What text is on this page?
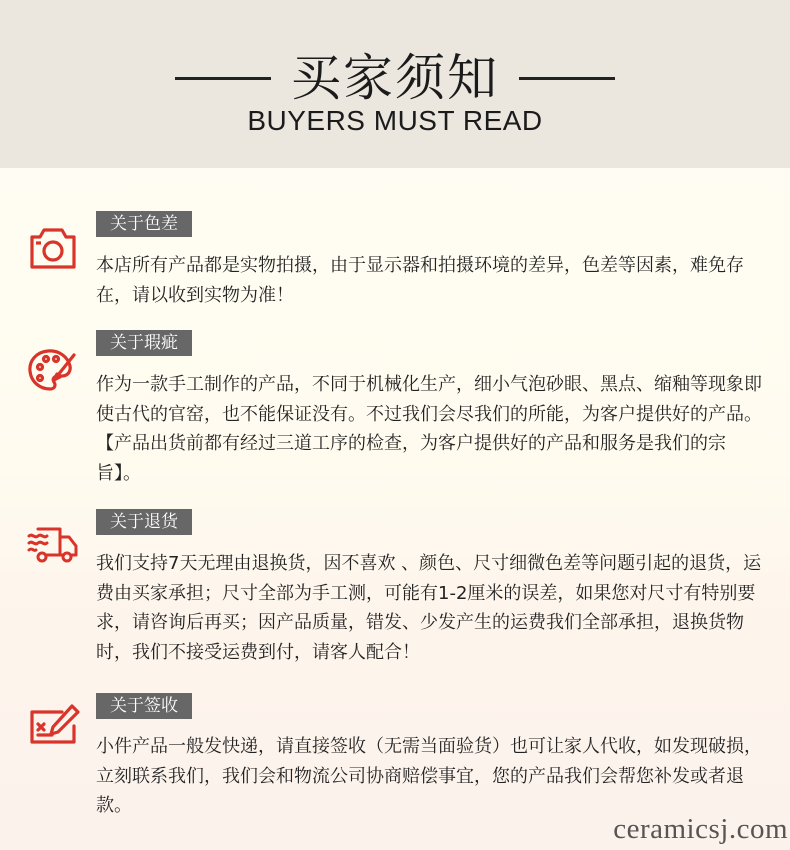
买家须知
BUYERS MUST READ
关于色差

本店所有产品都是实物拍摄，由于显示器和拍摄环境的差异，色差等因素，难免存在，请以收到实物为准！

关于瑕疵

作为一款手工制作的产品，不同于机械化生产，细小气泡砂眼、黑点、缩釉等现象即使古代的官窑，也不能保证没有。不过我们会尽我们的所能，为客户提供好的产品。【产品出货前都有经过三道工序的检查，为客户提供好的产品和服务是我们的宗旨】。

关于退货

我们支持7天无理由退换货，因不喜欢 、颜色、尺寸细微色差等问题引起的退货，运费由买家承担；尺寸全部为手工测，可能有1-2厘米的误差，如果您对尺寸有特别要求，请咨询后再买；因产品质量，错发、少发产生的运费我们全部承担，退换货物时，我们不接受运费到付，请客人配合！

关于签收

小件产品一般发快递，请直接签收（无需当面验货）也可让家人代收，如发现破损，立刻联系我们，我们会和物流公司协商赔偿事宜，您的产品我们会帮您补发或者退款。

ceramicsj.com
